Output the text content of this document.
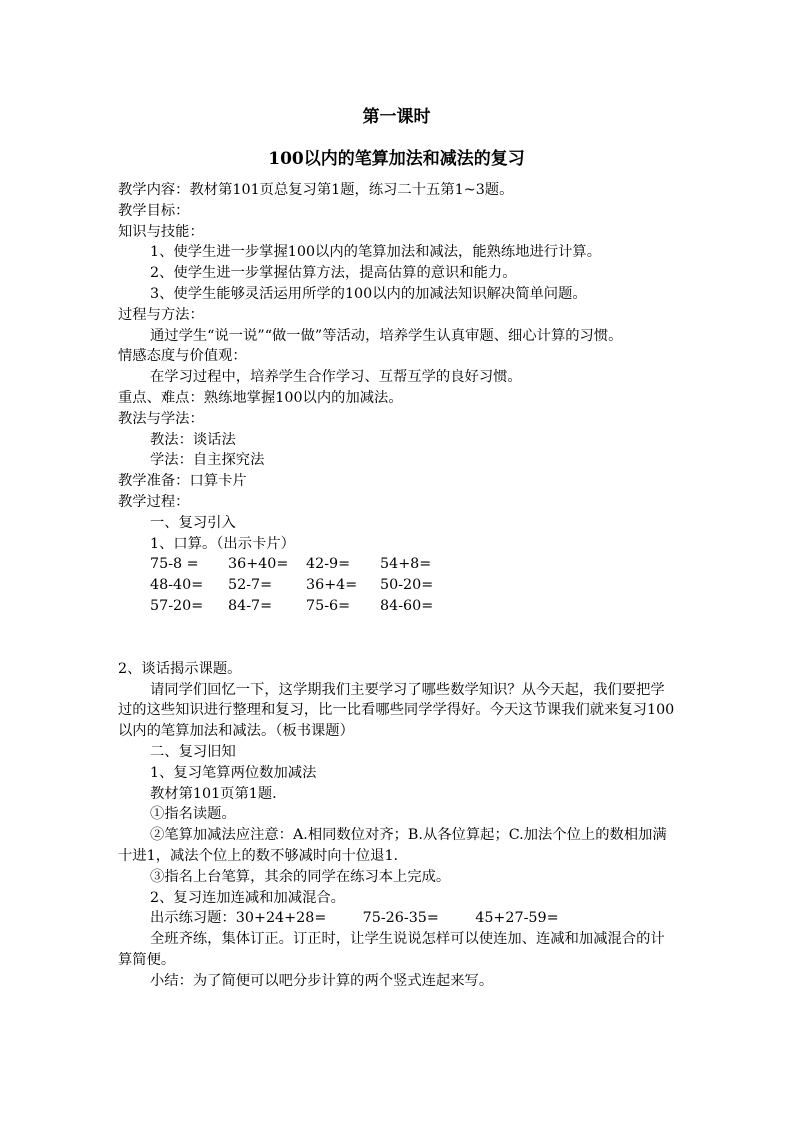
第一课时
100以内的笔算加法和减法的复习

教学内容：教材第101页总复习第1题，练习二十五第1~3题。

教学目标：

知识与技能：

1、使学生进一步掌握100以内的笔算加法和减法，能熟练地进行计算。

2、使学生进一步掌握估算方法，提高估算的意识和能力。

3、使学生能够灵活运用所学的100以内的加减法知识解决简单问题。

过程与方法：

通过学生“说一说”“做一做”等活动，培养学生认真审题、细心计算的习惯。

情感态度与价值观：

在学习过程中，培养学生合作学习、互帮互学的良好习惯。

重点、难点：熟练地掌握100以内的加减法。

教法与学法：

教法：谈话法

学法：自主探究法

教学准备：口算卡片

教学过程：

一、复习引入

1、口算。（出示卡片）

75-8 =	36+40=	42-9=	54+8=
48-40=	52-7=	36+4=	50-20=
57-20=	84-7=	75-6=	84-60=

2、谈话揭示课题。

请同学们回忆一下，这学期我们主要学习了哪些数学知识？从今天起，我们要把学过的这些知识进行整理和复习，比一比看哪些同学学得好。今天这节课我们就来复习100以内的笔算加法和减法。（板书课题）

二、复习旧知

1、复习笔算两位数加减法

教材第101页第1题.

①指名读题。

②笔算加减法应注意：A.相同数位对齐；B.从各位算起；C.加法个位上的数相加满十进1，减法个位上的数不够减时向十位退1.

③指名上台笔算，其余的同学在练习本上完成。

2、复习连加连减和加减混合。

出示练习题：30+24+28=        75-26-35=        45+27-59=

全班齐练，集体订正。订正时，让学生说说怎样可以使连加、连减和加减混合的计算简便。

小结：为了简便可以吧分步计算的两个竖式连起来写。
